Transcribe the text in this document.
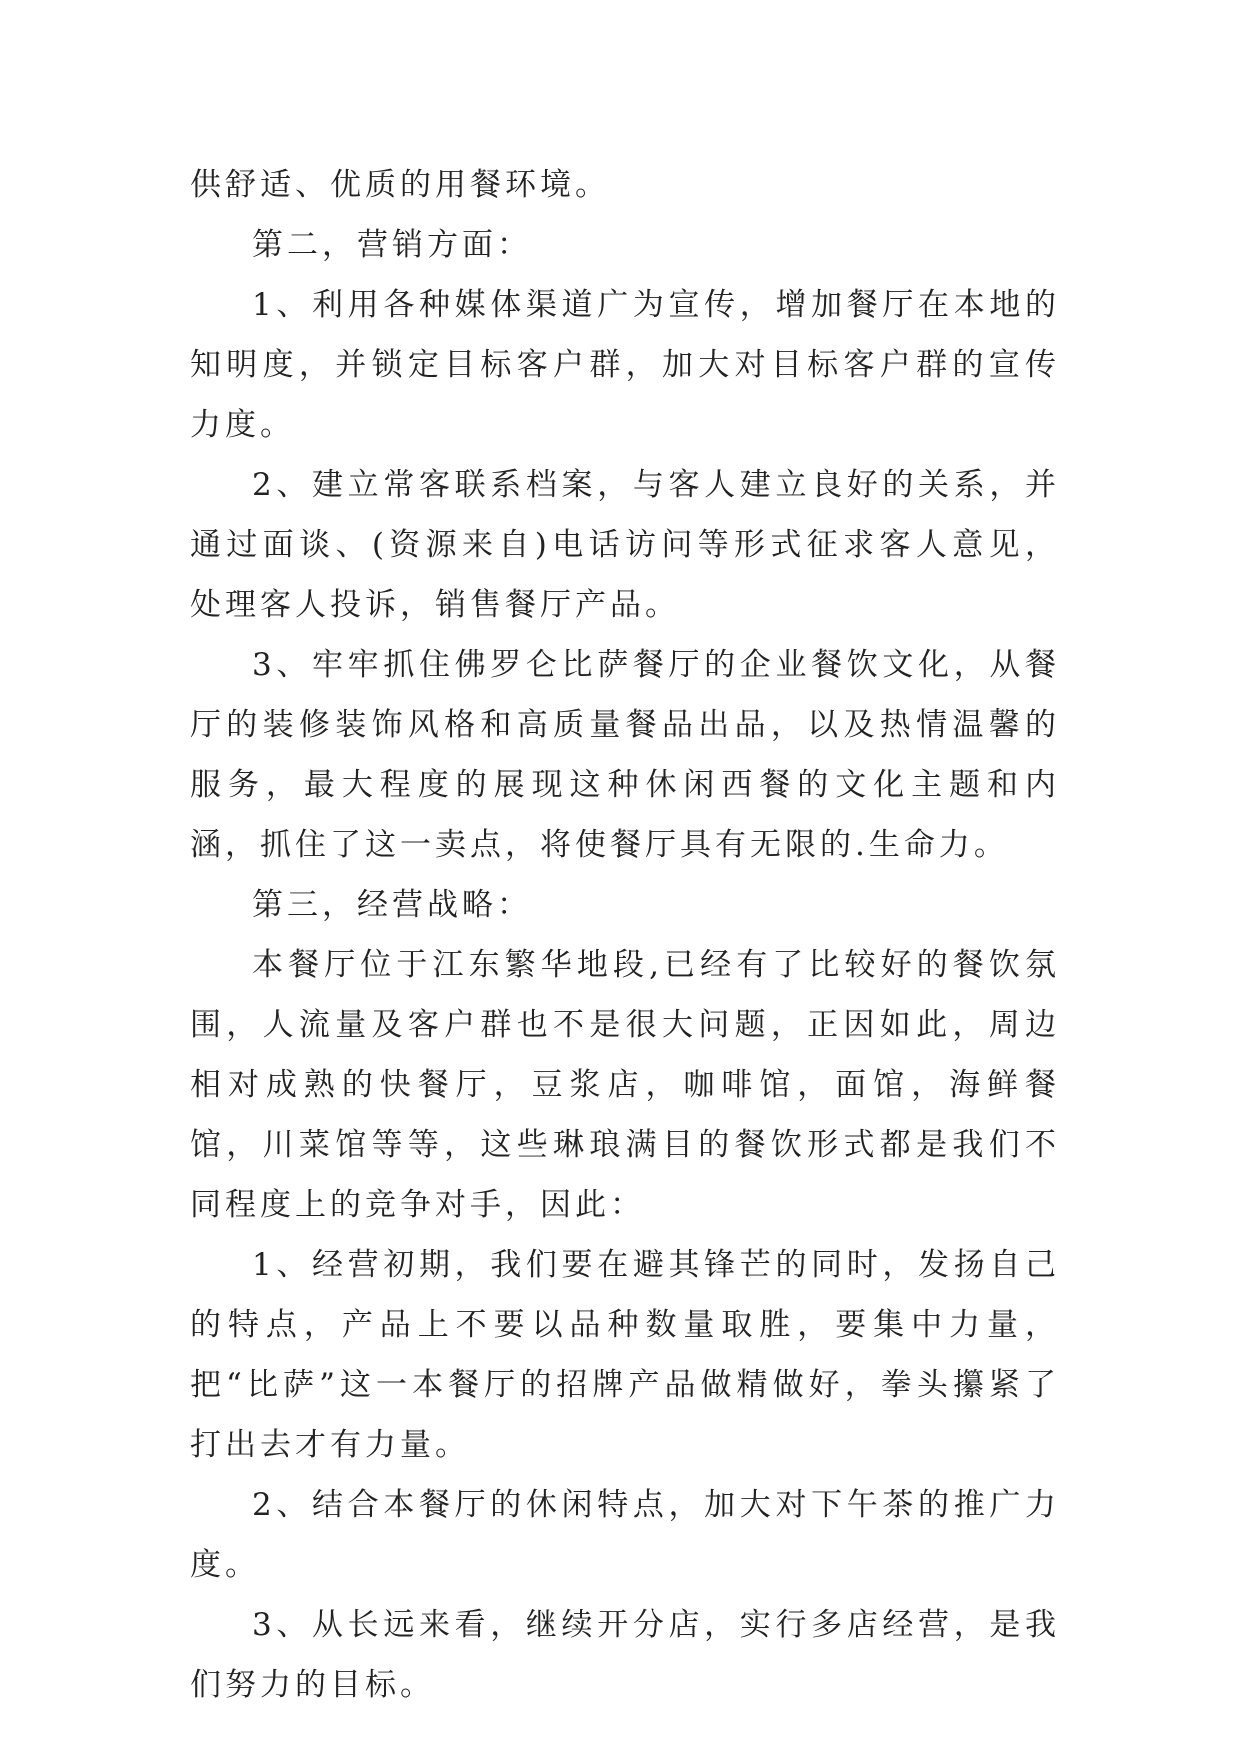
供舒适、优质的用餐环境。

第二，营销方面：

1、利用各种媒体渠道广为宣传，增加餐厅在本地的知明度，并锁定目标客户群，加大对目标客户群的宣传力度。

2、建立常客联系档案，与客人建立良好的关系，并通过面谈、(资源来自)电话访问等形式征求客人意见，处理客人投诉，销售餐厅产品。

3、牢牢抓住佛罗仑比萨餐厅的企业餐饮文化，从餐厅的装修装饰风格和高质量餐品出品，以及热情温馨的服务，最大程度的展现这种休闲西餐的文化主题和内涵，抓住了这一卖点，将使餐厅具有无限的.生命力。

第三，经营战略：

本餐厅位于江东繁华地段,已经有了比较好的餐饮氛围，人流量及客户群也不是很大问题，正因如此，周边相对成熟的快餐厅，豆浆店，咖啡馆，面馆，海鲜餐馆，川菜馆等等，这些琳琅满目的餐饮形式都是我们不同程度上的竞争对手，因此：

1、经营初期，我们要在避其锋芒的同时，发扬自己的特点，产品上不要以品种数量取胜，要集中力量，把“比萨”这一本餐厅的招牌产品做精做好，拳头攥紧了打出去才有力量。

2、结合本餐厅的休闲特点，加大对下午茶的推广力度。

3、从长远来看，继续开分店，实行多店经营，是我们努力的目标。
